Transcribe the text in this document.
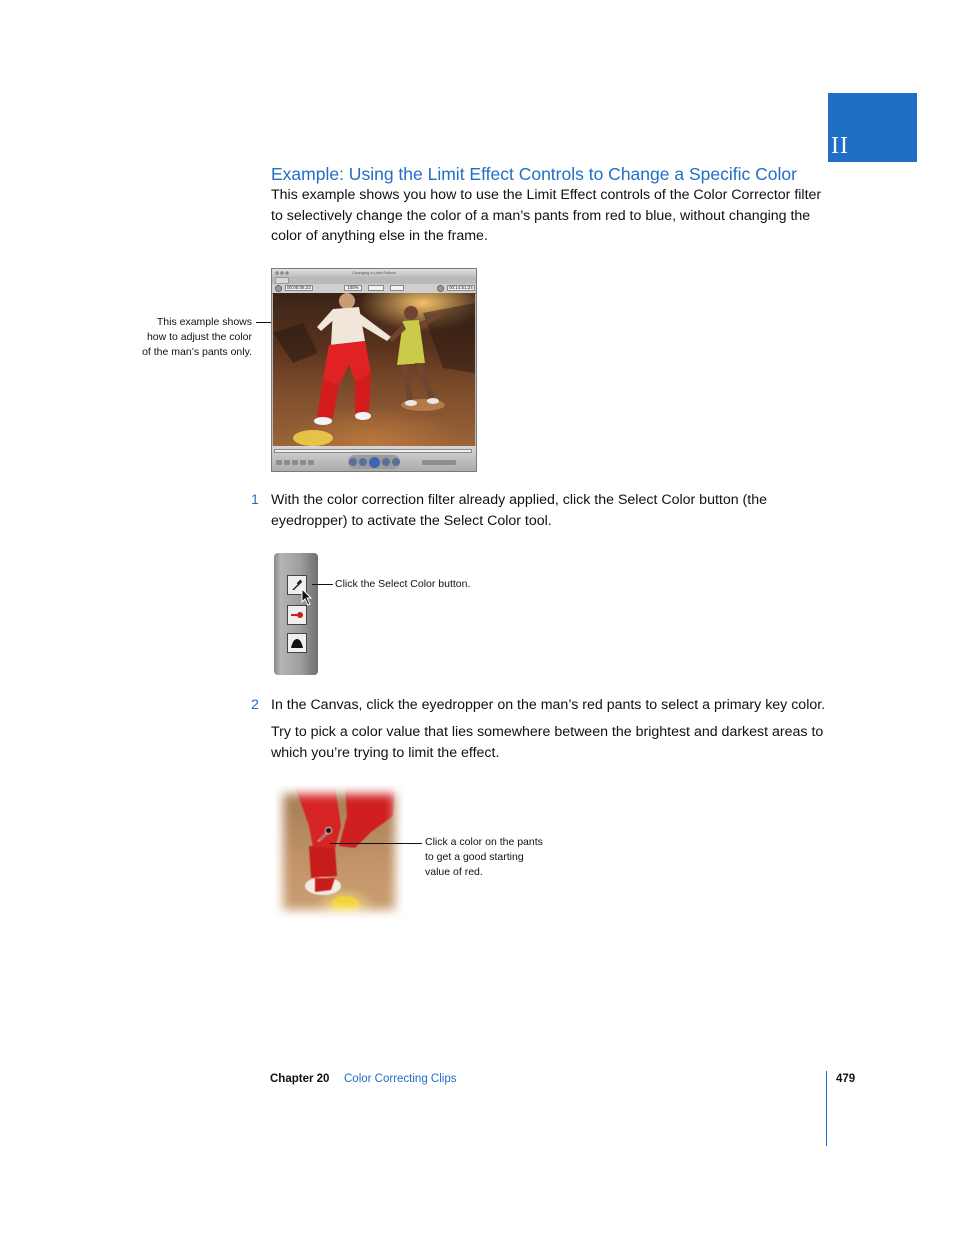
II
Example: Using the Limit Effect Controls to Change a Specific Color

This example shows you how to use the Limit Effect controls of the Color Corrector filter to selectively change the color of a man’s pants from red to blue, without changing the color of anything else in the frame.

This example shows
how to adjust the color
of the man’s pants only.
Changing a Limit Rollout
00:00:06;23	100%	00:14:51;24
1 With the color correction filter already applied, click the Select Color button (the eyedropper) to activate the Select Color tool.

Click the Select Color button.
2 In the Canvas, click the eyedropper on the man’s red pants to select a primary key color.

Try to pick a color value that lies somewhere between the brightest and darkest areas to which you’re trying to limit the effect.

Click a color on the pants
to get a good starting
value of red.
Chapter 20 Color Correcting Clips	479
